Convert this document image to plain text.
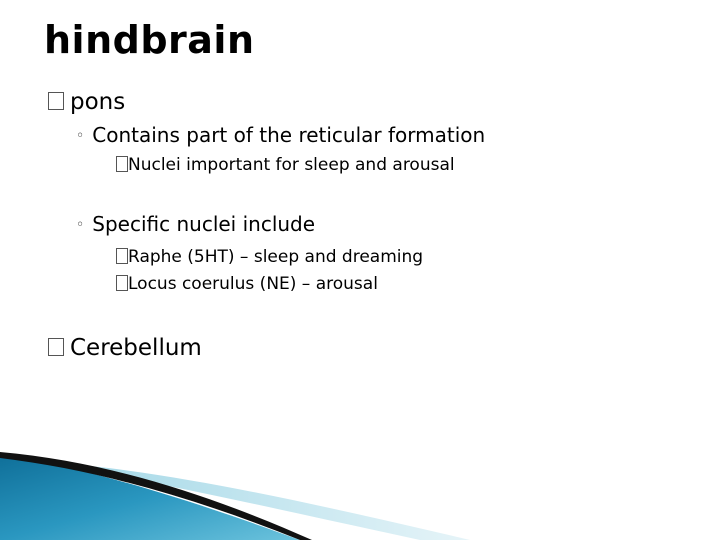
hindbrain
pons
◦ Contains part of the reticular formation
Nuclei important for sleep and arousal
◦ Specific nuclei include
Raphe (5HT) – sleep and dreaming
Locus coerulus (NE) – arousal
Cerebellum
